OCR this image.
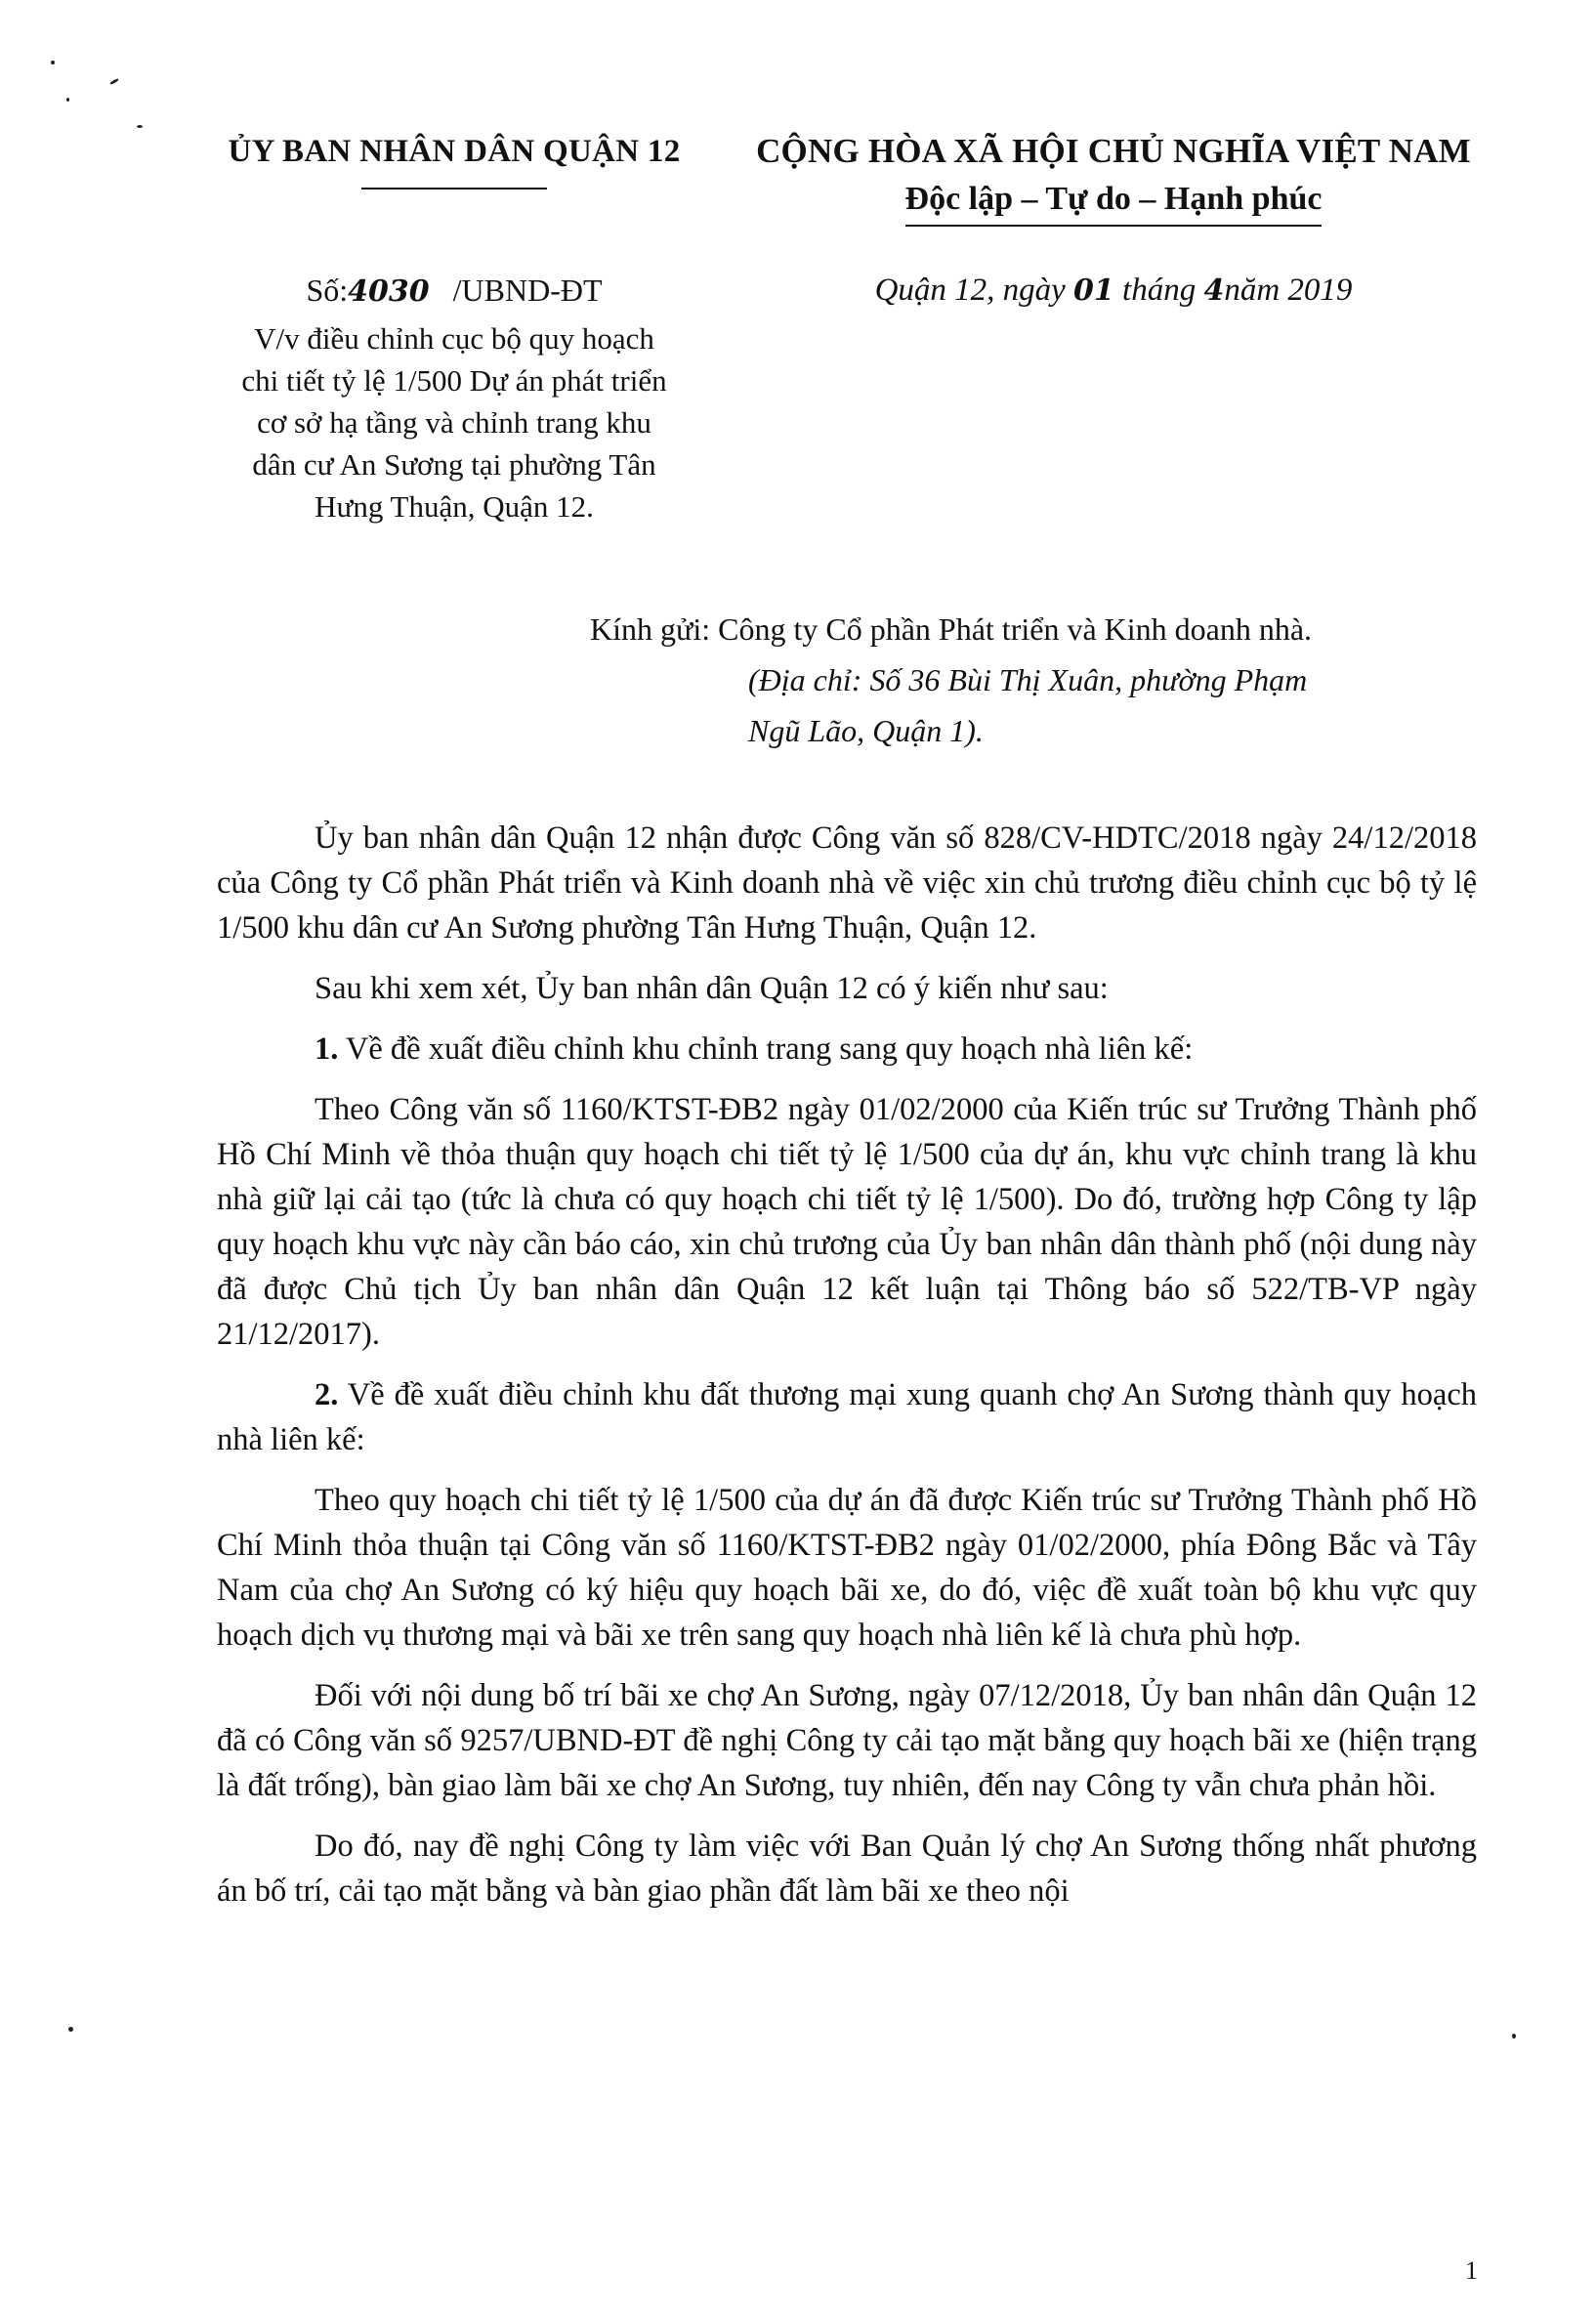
ỦY BAN NHÂN DÂN QUẬN 12	CỘNG HÒA XÃ HỘI CHỦ NGHĨA VIỆT NAM
Độc lập – Tự do – Hạnh phúc
Số:4030 /UBND-ĐT
V/v điều chỉnh cục bộ quy hoạch
chi tiết tỷ lệ 1/500 Dự án phát triển
cơ sở hạ tầng và chỉnh trang khu
dân cư An Sương tại phường Tân
Hưng Thuận, Quận 12.
Quận 12, ngày 01 tháng 4năm 2019
Kính gửi: Công ty Cổ phần Phát triển và Kinh doanh nhà.
(Địa chỉ: Số 36 Bùi Thị Xuân, phường Phạm
Ngũ Lão, Quận 1).

Ủy ban nhân dân Quận 12 nhận được Công văn số 828/CV-HDTC/2018 ngày 24/12/2018 của Công ty Cổ phần Phát triển và Kinh doanh nhà về việc xin chủ trương điều chỉnh cục bộ tỷ lệ 1/500 khu dân cư An Sương phường Tân Hưng Thuận, Quận 12.

Sau khi xem xét, Ủy ban nhân dân Quận 12 có ý kiến như sau:

1. Về đề xuất điều chỉnh khu chỉnh trang sang quy hoạch nhà liên kế:

Theo Công văn số 1160/KTST-ĐB2 ngày 01/02/2000 của Kiến trúc sư Trưởng Thành phố Hồ Chí Minh về thỏa thuận quy hoạch chi tiết tỷ lệ 1/500 của dự án, khu vực chỉnh trang là khu nhà giữ lại cải tạo (tức là chưa có quy hoạch chi tiết tỷ lệ 1/500). Do đó, trường hợp Công ty lập quy hoạch khu vực này cần báo cáo, xin chủ trương của Ủy ban nhân dân thành phố (nội dung này đã được Chủ tịch Ủy ban nhân dân Quận 12 kết luận tại Thông báo số 522/TB-VP ngày 21/12/2017).

2. Về đề xuất điều chỉnh khu đất thương mại xung quanh chợ An Sương thành quy hoạch nhà liên kế:

Theo quy hoạch chi tiết tỷ lệ 1/500 của dự án đã được Kiến trúc sư Trưởng Thành phố Hồ Chí Minh thỏa thuận tại Công văn số 1160/KTST-ĐB2 ngày 01/02/2000, phía Đông Bắc và Tây Nam của chợ An Sương có ký hiệu quy hoạch bãi xe, do đó, việc đề xuất toàn bộ khu vực quy hoạch dịch vụ thương mại và bãi xe trên sang quy hoạch nhà liên kế là chưa phù hợp.

Đối với nội dung bố trí bãi xe chợ An Sương, ngày 07/12/2018, Ủy ban nhân dân Quận 12 đã có Công văn số 9257/UBND-ĐT đề nghị Công ty cải tạo mặt bằng quy hoạch bãi xe (hiện trạng là đất trống), bàn giao làm bãi xe chợ An Sương, tuy nhiên, đến nay Công ty vẫn chưa phản hồi.

Do đó, nay đề nghị Công ty làm việc với Ban Quản lý chợ An Sương thống nhất phương án bố trí, cải tạo mặt bằng và bàn giao phần đất làm bãi xe theo nội

1
